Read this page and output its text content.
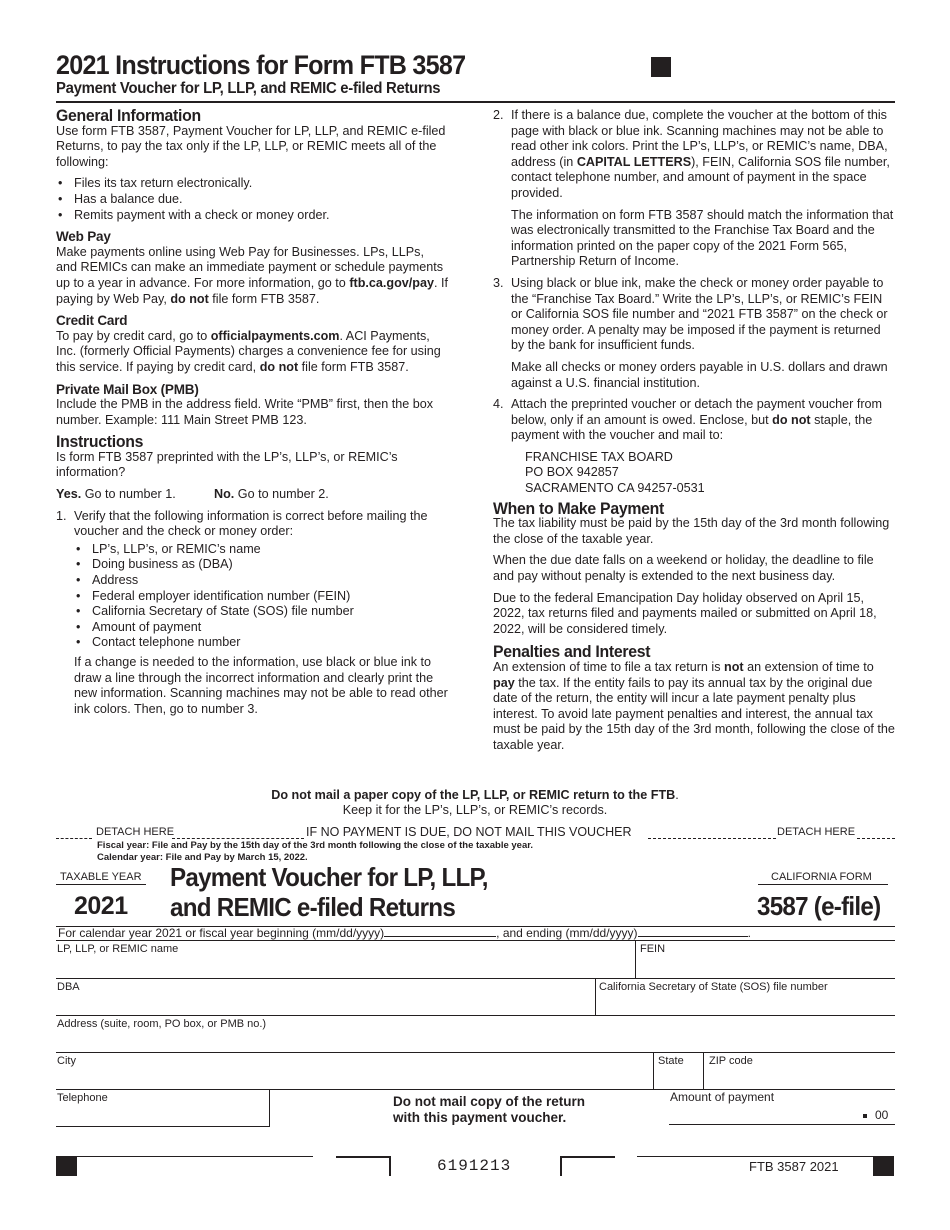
2021 Instructions for Form FTB 3587
Payment Voucher for LP, LLP, and REMIC e-filed Returns
General Information

Use form FTB 3587, Payment Voucher for LP, LLP, and REMIC e-filed Returns, to pay the tax only if the LP, LLP, or REMIC meets all of the following:

• Files its tax return electronically.
• Has a balance due.
• Remits payment with a check or money order.
Web Pay

Make payments online using Web Pay for Businesses. LPs, LLPs, and REMICs can make an immediate payment or schedule payments up to a year in advance. For more information, go to ftb.ca.gov/pay. If paying by Web Pay, do not file form FTB 3587.

Credit Card

To pay by credit card, go to officialpayments.com. ACI Payments, Inc. (formerly Official Payments) charges a convenience fee for using this service. If paying by credit card, do not file form FTB 3587.

Private Mail Box (PMB)

Include the PMB in the address field. Write “PMB” first, then the box number. Example: 111 Main Street PMB 123.

Instructions

Is form FTB 3587 preprinted with the LP’s, LLP’s, or REMIC’s information?

Yes. Go to number 1.	No. Go to number 2.

1. Verify that the following information is correct before mailing the voucher and the check or money order:
• LP’s, LLP’s, or REMIC’s name
• Doing business as (DBA)
• Address
• Federal employer identification number (FEIN)
• California Secretary of State (SOS) file number
• Amount of payment
• Contact telephone number
If a change is needed to the information, use black or blue ink to draw a line through the incorrect information and clearly print the new information. Scanning machines may not be able to read other ink colors. Then, go to number 3.
2. If there is a balance due, complete the voucher at the bottom of this page with black or blue ink. Scanning machines may not be able to read other ink colors. Print the LP’s, LLP’s, or REMIC’s name, DBA, address (in CAPITAL LETTERS), FEIN, California SOS file number, contact telephone number, and amount of payment in the space provided.

The information on form FTB 3587 should match the information that was electronically transmitted to the Franchise Tax Board and the information printed on the paper copy of the 2021 Form 565, Partnership Return of Income.
3. Using black or blue ink, make the check or money order payable to the “Franchise Tax Board.” Write the LP’s, LLP’s, or REMIC’s FEIN or California SOS file number and “2021 FTB 3587” on the check or money order. A penalty may be imposed if the payment is returned by the bank for insufficient funds.

Make all checks or money orders payable in U.S. dollars and drawn against a U.S. financial institution.
4. Attach the preprinted voucher or detach the payment voucher from below, only if an amount is owed. Enclose, but do not staple, the payment with the voucher and mail to:

FRANCHISE TAX BOARD
PO BOX 942857
SACRAMENTO CA 94257-0531
When to Make Payment

The tax liability must be paid by the 15th day of the 3rd month following the close of the taxable year.

When the due date falls on a weekend or holiday, the deadline to file and pay without penalty is extended to the next business day.

Due to the federal Emancipation Day holiday observed on April 15, 2022, tax returns filed and payments mailed or submitted on April 18, 2022, will be considered timely.

Penalties and Interest

An extension of time to file a tax return is not an extension of time to pay the tax. If the entity fails to pay its annual tax by the original due date of the return, the entity will incur a late payment penalty plus interest. To avoid late payment penalties and interest, the annual tax must be paid by the 15th day of the 3rd month, following the close of the taxable year.

Do not mail a paper copy of the LP, LLP, or REMIC return to the FTB.
Keep it for the LP’s, LLP’s, or REMIC’s records.
DETACH HERE	IF NO PAYMENT IS DUE, DO NOT MAIL THIS VOUCHER	DETACH HERE
Fiscal year: File and Pay by the 15th day of the 3rd month following the close of the taxable year.
Calendar year: File and Pay by March 15, 2022.
TAXABLE YEAR
2021
Payment Voucher for LP, LLP,
and REMIC e-filed Returns
CALIFORNIA FORM
3587 (e-file)
For calendar year 2021 or fiscal year beginning (mm/dd/yyyy)	, and ending (mm/dd/yyyy)	.
LP, LLP, or REMIC name	FEIN
DBA	California Secretary of State (SOS) file number
Address (suite, room, PO box, or PMB no.)
City	State ZIP code
Telephone	Do not mail copy of the return with this payment voucher.
Amount of payment
00
6191213	FTB 3587 2021
